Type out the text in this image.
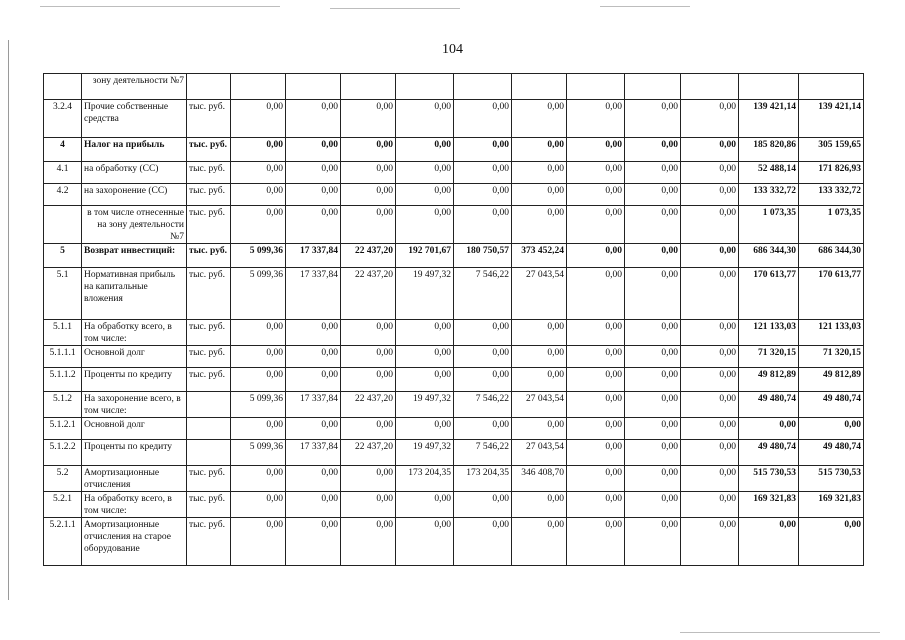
104
	зону деятельности №7												
3.2.4	Прочие собственные средства	тыс. руб.	0,00	0,00	0,00	0,00	0,00	0,00	0,00	0,00	0,00	139 421,14	139 421,14
4	Налог на прибыль	тыс. руб.	0,00	0,00	0,00	0,00	0,00	0,00	0,00	0,00	0,00	185 820,86	305 159,65
4.1	на обработку (СС)	тыс. руб.	0,00	0,00	0,00	0,00	0,00	0,00	0,00	0,00	0,00	52 488,14	171 826,93
4.2	на захоронение (СС)	тыс. руб.	0,00	0,00	0,00	0,00	0,00	0,00	0,00	0,00	0,00	133 332,72	133 332,72
	в том числе отнесенные на зону деятельности №7	тыс. руб.	0,00	0,00	0,00	0,00	0,00	0,00	0,00	0,00	0,00	1 073,35	1 073,35
5	Возврат инвестиций:	тыс. руб.	5 099,36	17 337,84	22 437,20	192 701,67	180 750,57	373 452,24	0,00	0,00	0,00	686 344,30	686 344,30
5.1	Нормативная прибыль на капитальные вложения	тыс. руб.	5 099,36	17 337,84	22 437,20	19 497,32	7 546,22	27 043,54	0,00	0,00	0,00	170 613,77	170 613,77
5.1.1	На обработку всего, в том числе:	тыс. руб.	0,00	0,00	0,00	0,00	0,00	0,00	0,00	0,00	0,00	121 133,03	121 133,03
5.1.1.1	Основной долг	тыс. руб.	0,00	0,00	0,00	0,00	0,00	0,00	0,00	0,00	0,00	71 320,15	71 320,15
5.1.1.2	Проценты по кредиту	тыс. руб.	0,00	0,00	0,00	0,00	0,00	0,00	0,00	0,00	0,00	49 812,89	49 812,89
5.1.2	На захоронение всего, в том числе:		5 099,36	17 337,84	22 437,20	19 497,32	7 546,22	27 043,54	0,00	0,00	0,00	49 480,74	49 480,74
5.1.2.1	Основной долг		0,00	0,00	0,00	0,00	0,00	0,00	0,00	0,00	0,00	0,00	0,00
5.1.2.2	Проценты по кредиту		5 099,36	17 337,84	22 437,20	19 497,32	7 546,22	27 043,54	0,00	0,00	0,00	49 480,74	49 480,74
5.2	Амортизационные отчисления	тыс. руб.	0,00	0,00	0,00	173 204,35	173 204,35	346 408,70	0,00	0,00	0,00	515 730,53	515 730,53
5.2.1	На обработку всего, в том числе:	тыс. руб.	0,00	0,00	0,00	0,00	0,00	0,00	0,00	0,00	0,00	169 321,83	169 321,83
5.2.1.1	Амортизационные отчисления на старое оборудование	тыс. руб.	0,00	0,00	0,00	0,00	0,00	0,00	0,00	0,00	0,00	0,00	0,00
